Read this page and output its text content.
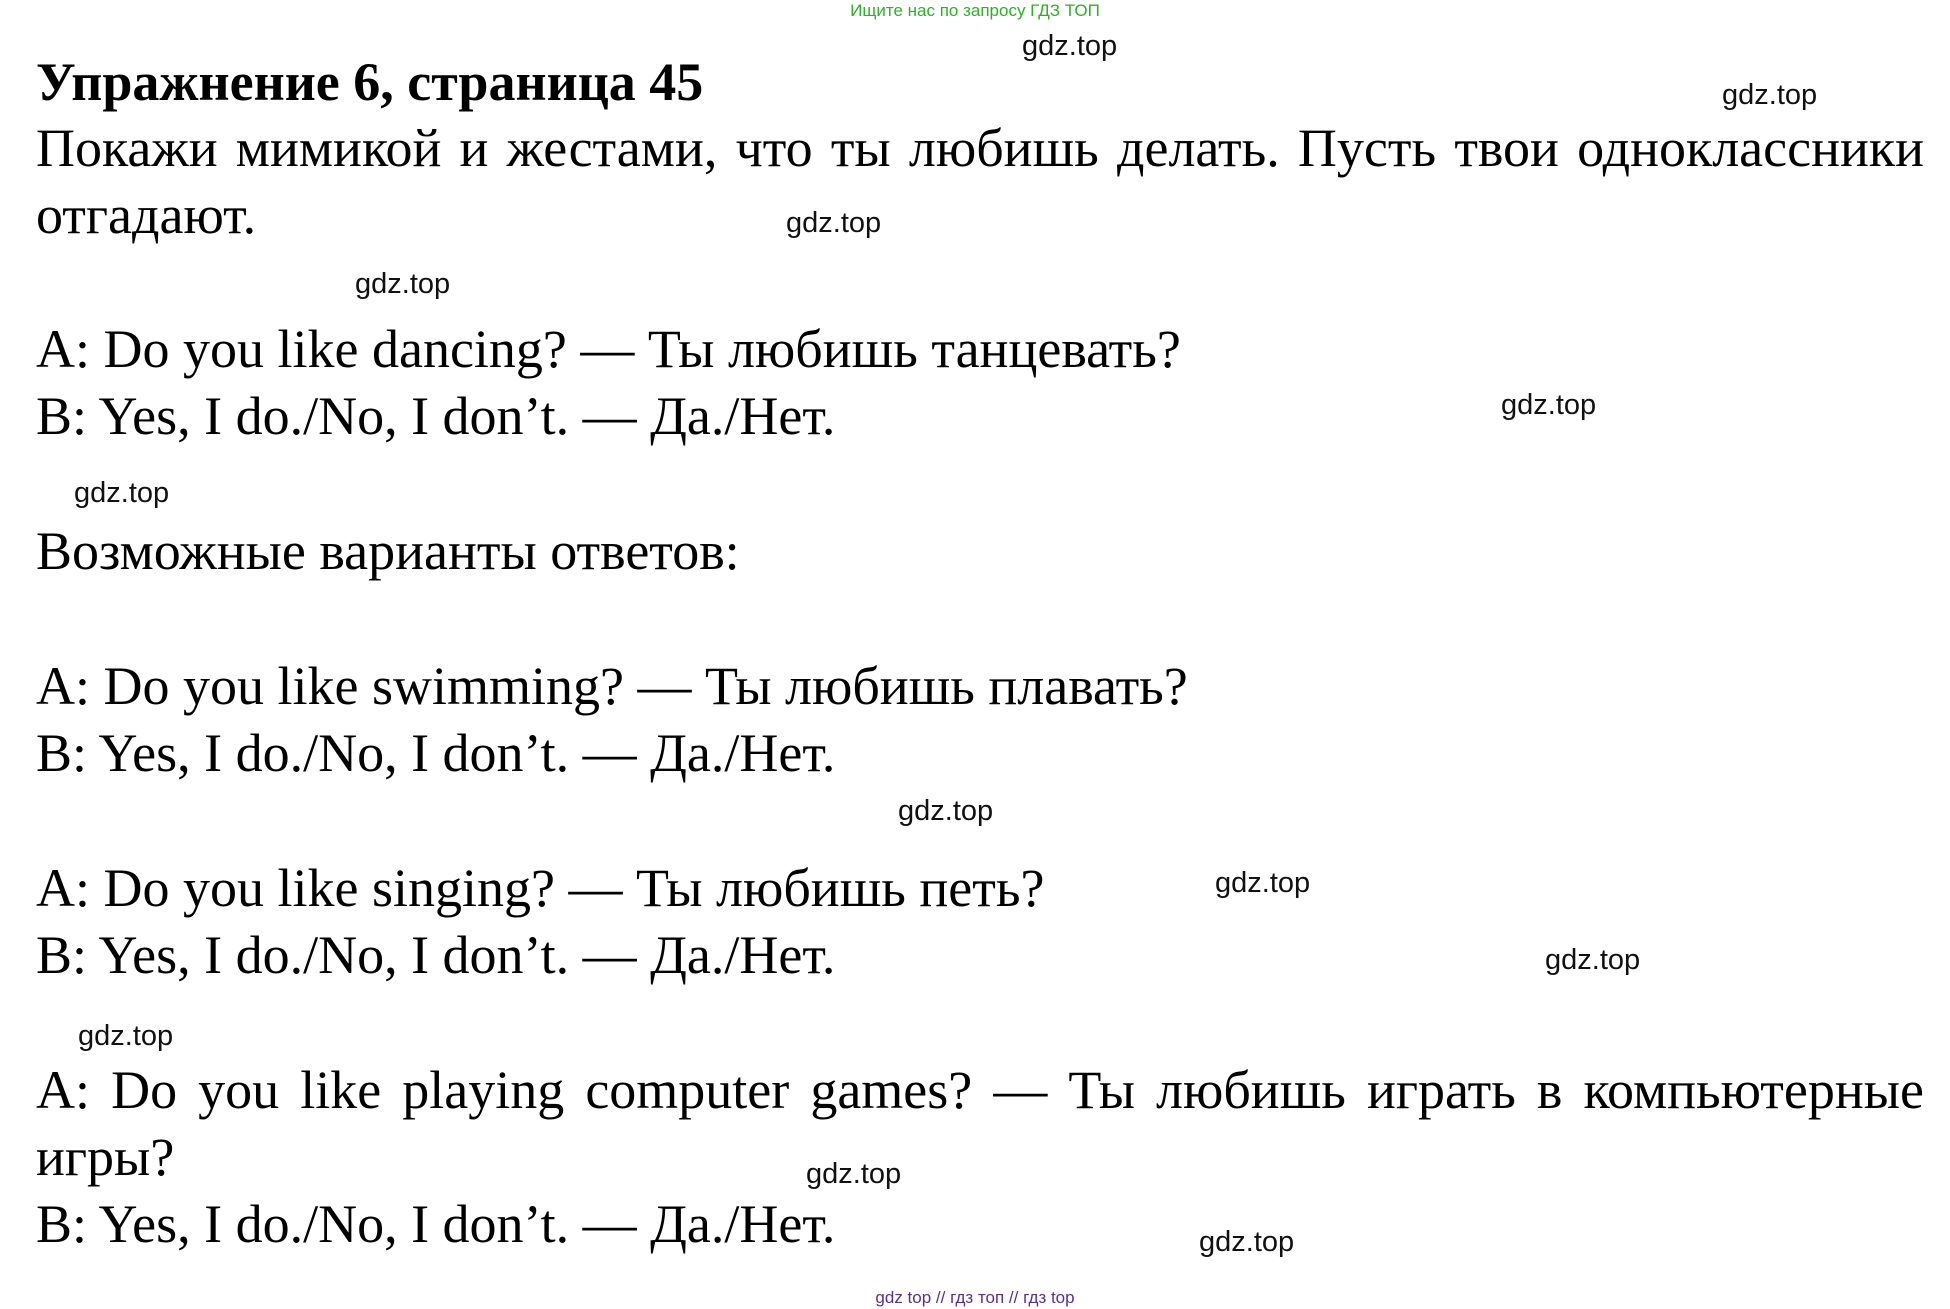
Ищите нас по запросу ГДЗ ТОП
Упражнение 6, страница 45
Покажи мимикой и жестами, что ты любишь делать. Пусть твои одноклассники отгадают.
A: Do you like dancing? — Ты любишь танцевать?
B: Yes, I do./No, I don’t. — Да./Нет.
Возможные варианты ответов:
A: Do you like swimming? — Ты любишь плавать?
B: Yes, I do./No, I don’t. — Да./Нет.
A: Do you like singing? — Ты любишь петь?
B: Yes, I do./No, I don’t. — Да./Нет.
A: Do you like playing computer games? — Ты любишь играть в компьютерные игры?
B: Yes, I do./No, I don’t. — Да./Нет.
gdz.top
gdz.top
gdz.top
gdz.top
gdz.top
gdz.top
gdz.top
gdz.top
gdz.top
gdz.top
gdz.top
gdz.top
gdz top // гдз топ // гдз top
